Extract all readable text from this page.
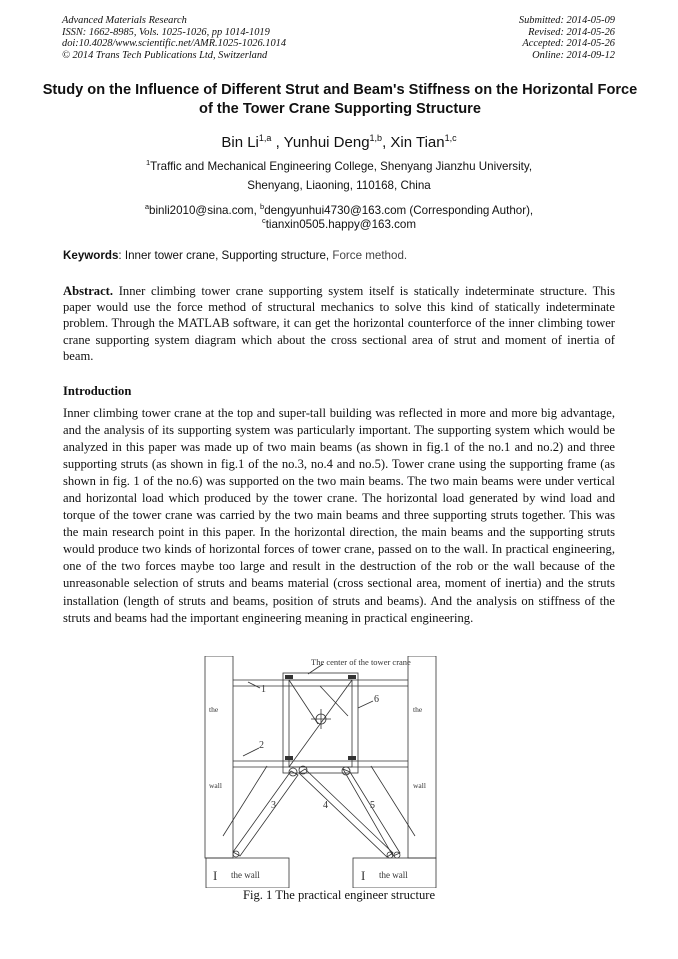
Advanced Materials Research
ISSN: 1662-8985, Vols. 1025-1026, pp 1014-1019
doi:10.4028/www.scientific.net/AMR.1025-1026.1014
© 2014 Trans Tech Publications Ltd, Switzerland
Submitted: 2014-05-09
Revised: 2014-05-26
Accepted: 2014-05-26
Online: 2014-09-12
Study on the Influence of Different Strut and Beam's Stiffness on the Horizontal Force of the Tower Crane Supporting Structure
Bin Li$^{1,a}$ , Yunhui Deng$^{1,b}$, Xin Tian$^{1,c}$
$^1$Traffic and Mechanical Engineering College, Shenyang Jianzhu University,
Shenyang, Liaoning, 110168, China
$^a$binli2010@sina.com, $^b$dengyunhui4730@163.com (Corresponding Author),
$^c$tianxin0505.happy@163.com
Keywords: Inner tower crane, Supporting structure, Force method.
Abstract. Inner climbing tower crane supporting system itself is statically indeterminate structure. This paper would use the force method of structural mechanics to solve this kind of statically indeterminate problem. Through the MATLAB software, it can get the horizontal counterforce of the inner climbing tower crane supporting system diagram which about the cross sectional area of strut and moment of inertia of beam.
Introduction
Inner climbing tower crane at the top and super-tall building was reflected in more and more big advantage, and the analysis of its supporting system was particularly important. The supporting system which would be analyzed in this paper was made up of two main beams (as shown in fig.1 of the no.1 and no.2) and three supporting struts (as shown in fig.1 of the no.3, no.4 and no.5). Tower crane using the supporting frame (as shown in fig. 1 of the no.6) was supported on the two main beams. The two main beams were under vertical and horizontal load which produced by the tower crane. The horizontal load generated by wind load and torque of the tower crane was carried by the two main beams and three supporting struts together. This was the main research point in this paper. In the horizontal direction, the main beams and the supporting struts would produce two kinds of horizontal forces of tower crane, passed on to the wall. In practical engineering, one of the two forces maybe too large and result in the destruction of the rob or the wall because of the unreasonable selection of struts and beams material (cross sectional area, moment of inertia) and the struts installation (length of struts and beams, position of struts and beams). And the analysis on stiffness of the struts and beams had the important engineering meaning in practical engineering.
The center of the tower crane
1
2
3	4	5
6
the	the
wall	wall
I	I
the wall	the wall
Fig. 1 The practical engineer structure
